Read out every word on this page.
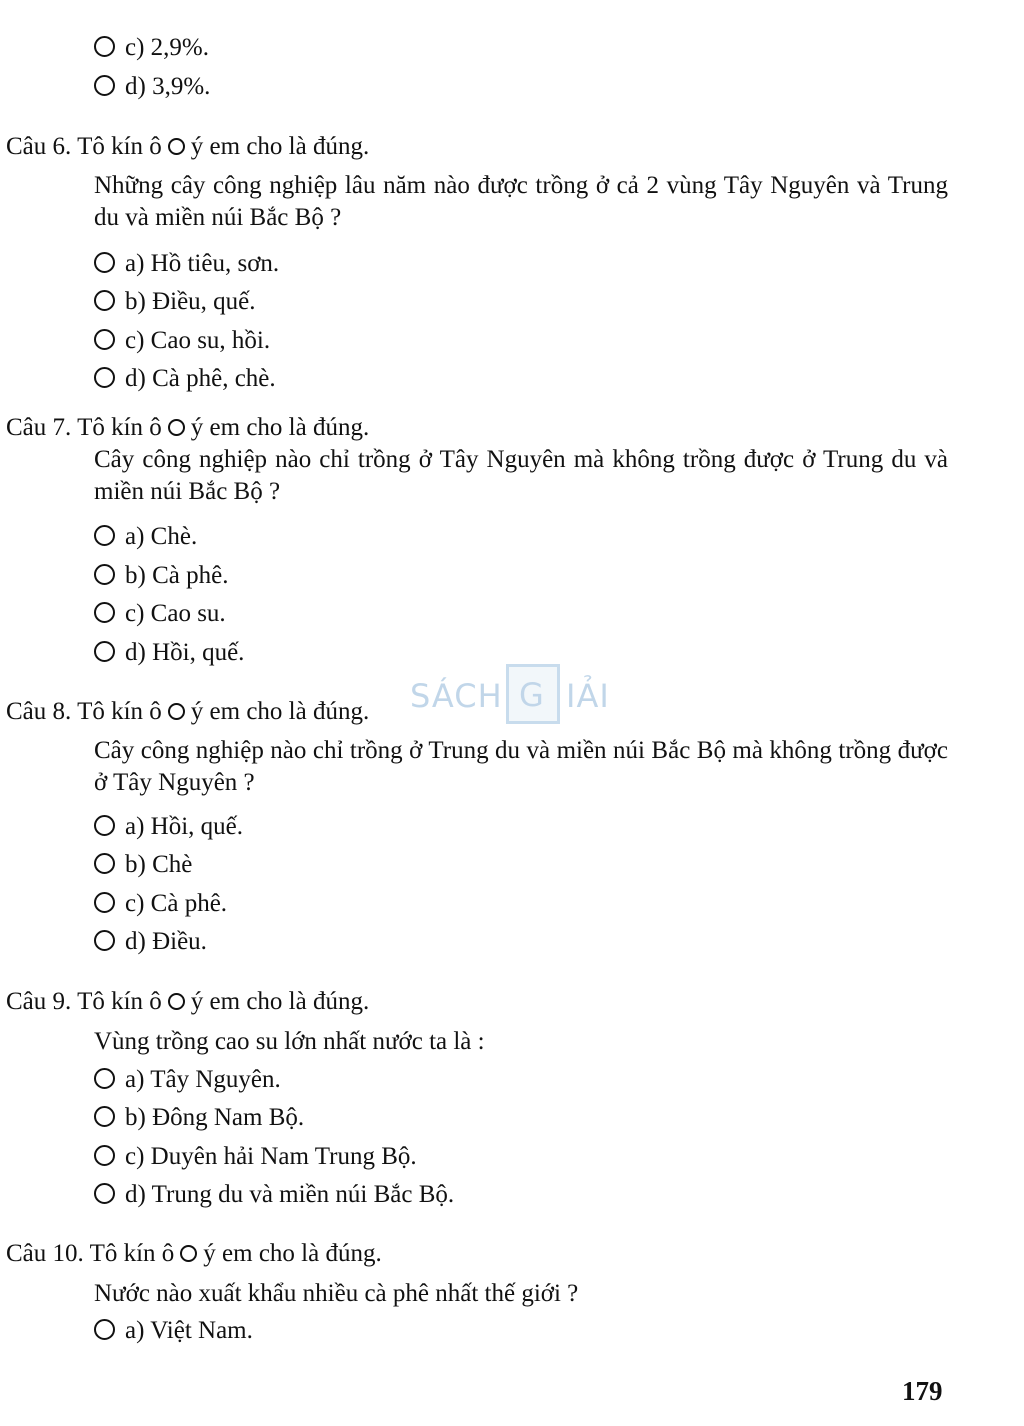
c) 2,9%.
d) 3,9%.
Câu 6. Tô kín ô ý em cho là đúng.
Những cây công nghiệp lâu năm nào được trồng ở cả 2 vùng Tây Nguyên và Trung du và miền núi Bắc Bộ ?
a) Hồ tiêu, sơn.
b) Điều, quế.
c) Cao su, hồi.
d) Cà phê, chè.
Câu 7. Tô kín ô ý em cho là đúng.
Cây công nghiệp nào chỉ trồng ở Tây Nguyên mà không trồng được ở Trung du và miền núi Bắc Bộ ?
a) Chè.
b) Cà phê.
c) Cao su.
d) Hồi, quế.
Câu 8. Tô kín ô ý em cho là đúng.
Cây công nghiệp nào chỉ trồng ở Trung du và miền núi Bắc Bộ mà không trồng được ở Tây Nguyên ?
a) Hồi, quế.
b) Chè
c) Cà phê.
d) Điều.
Câu 9. Tô kín ô ý em cho là đúng.
Vùng trồng cao su lớn nhất nước ta là :
a) Tây Nguyên.
b) Đông Nam Bộ.
c) Duyên hải Nam Trung Bộ.
d) Trung du và miền núi Bắc Bộ.
Câu 10. Tô kín ô ý em cho là đúng.
Nước nào xuất khẩu nhiều cà phê nhất thế giới ?
a) Việt Nam.
SÁCH G IẢI
179
